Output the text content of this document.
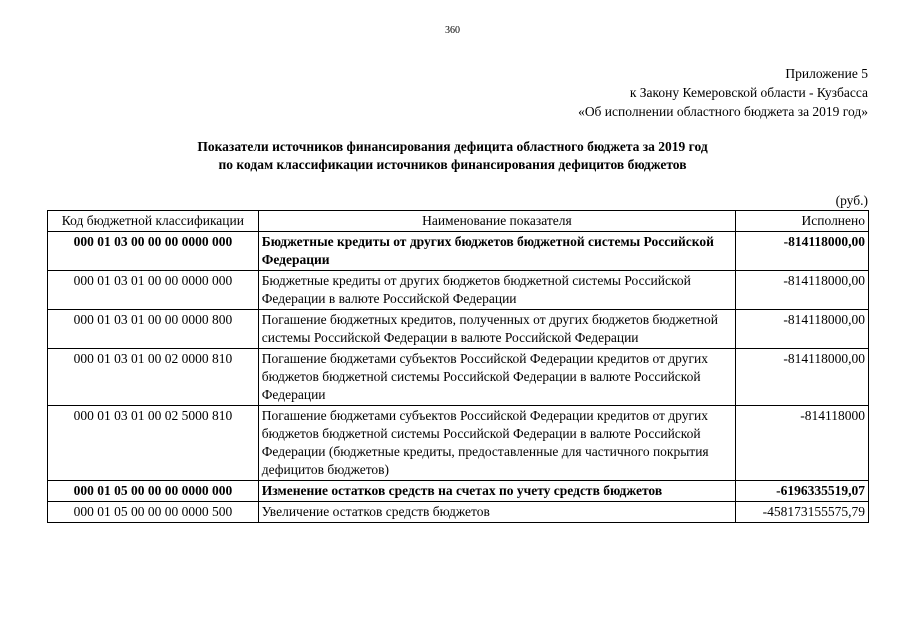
360
Приложение 5
к Закону Кемеровской области - Кузбасса
«Об исполнении областного бюджета за 2019 год»
Показатели источников финансирования дефицита областного бюджета за 2019 год
по кодам классификации источников финансирования дефицитов бюджетов
(руб.)
Код бюджетной классификации	Наименование показателя	Исполнено
000 01 03 00 00 00 0000 000	Бюджетные кредиты от других бюджетов бюджетной системы Российской Федерации	-814118000,00
000 01 03 01 00 00 0000 000	Бюджетные кредиты от других бюджетов бюджетной системы Российской Федерации в валюте Российской Федерации	-814118000,00
000 01 03 01 00 00 0000 800	Погашение бюджетных кредитов, полученных от других бюджетов бюджетной системы Российской Федерации в валюте Российской Федерации	-814118000,00
000 01 03 01 00 02 0000 810	Погашение бюджетами субъектов Российской Федерации кредитов от других бюджетов бюджетной системы Российской Федерации в валюте Российской Федерации	-814118000,00
000 01 03 01 00 02 5000 810	Погашение бюджетами субъектов Российской Федерации кредитов от других бюджетов бюджетной системы Российской Федерации в валюте Российской Федерации (бюджетные кредиты, предоставленные для частичного покрытия дефицитов бюджетов)	-814118000
000 01 05 00 00 00 0000 000	Изменение остатков средств на счетах по учету средств бюджетов	-6196335519,07
000 01 05 00 00 00 0000 500	Увеличение остатков средств бюджетов	-458173155575,79
